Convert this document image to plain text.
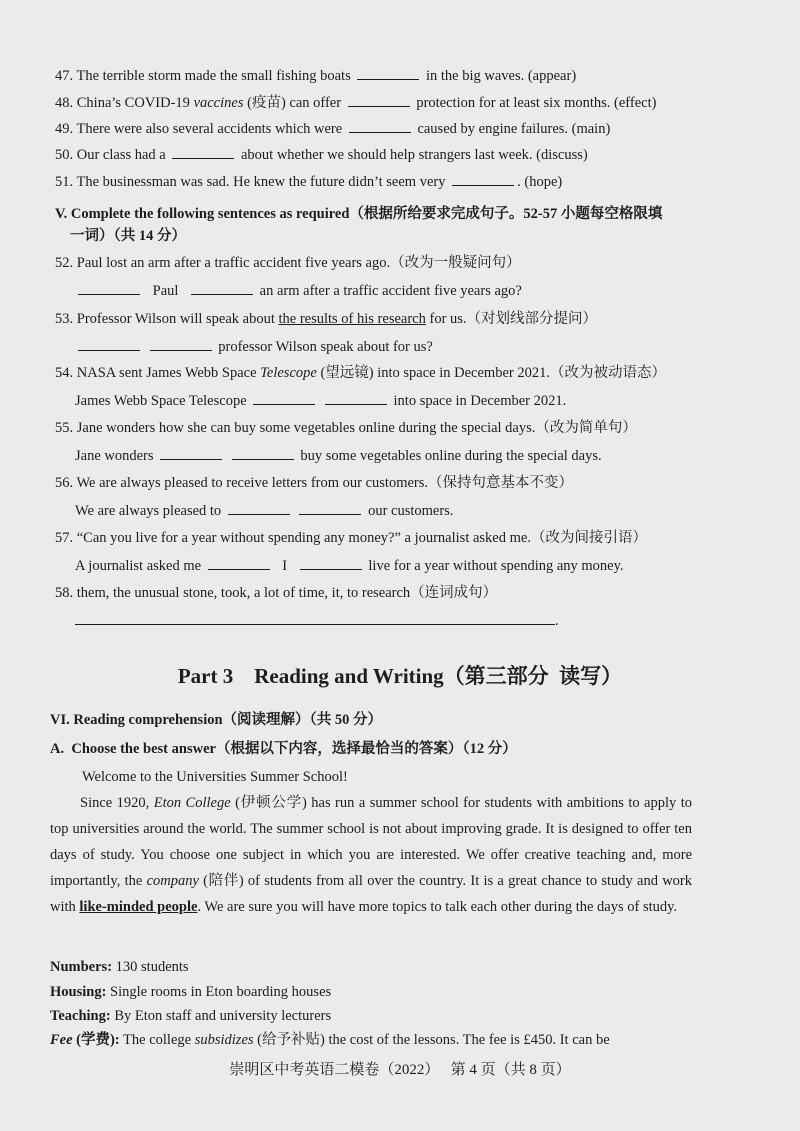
47. The terrible storm made the small fishing boats	in the big waves. (appear)
48. China’s COVID-19 vaccines (疫苗) can offer	protection for at least six months. (effect)
49. There were also several accidents which were	caused by engine failures. (main)
50. Our class had a	about whether we should help strangers last week. (discuss)
51. The businessman was sad. He knew the future didn’t seem very	. (hope)
V. Complete the following sentences as required（根据所给要求完成句子。52-57 小题每空格限填
一词）（共 14 分）
52. Paul lost an arm after a traffic accident five years ago.（改为一般疑问句）
Paul	an arm after a traffic accident five years ago?
53. Professor Wilson will speak about the results of his research for us.（对划线部分提问）
professor Wilson speak about for us?
54. NASA sent James Webb Space Telescope (望远镜) into space in December 2021.（改为被动语态）
James Webb Space Telescope	into space in December 2021.
55. Jane wonders how she can buy some vegetables online during the special days.（改为简单句）
Jane wonders	buy some vegetables online during the special days.
56. We are always pleased to receive letters from our customers.（保持句意基本不变）
We are always pleased to	our customers.
57. “Can you live for a year without spending any money?” a journalist asked me.（改为间接引语）
A journalist asked me	I	live for a year without spending any money.
58. them, the unusual stone, took, a lot of time, it, to research（连词成句）
.
Part 3    Reading and Writing（第三部分  读写）
VI. Reading comprehension（阅读理解）（共 50 分）
A.  Choose the best answer（根据以下内容，选择最恰当的答案）（12 分）
Welcome to the Universities Summer School!
Since 1920, Eton College (伊顿公学) has run a summer school for students with ambitions to apply to top universities around the world. The summer school is not about improving grade. It is designed to offer ten days of study. You choose one subject in which you are interested. We offer creative teaching and, more importantly, the company (陪伴) of students from all over the country. It is a great chance to study and work with like-minded people. We are sure you will have more topics to talk each other during the days of study.
Numbers: 130 students
Housing: Single rooms in Eton boarding houses
Teaching: By Eton staff and university lecturers
Fee (学费): The college subsidizes (给予补贴) the cost of the lessons. The fee is £450. It can be
崇明区中考英语二模卷（2022）   第 4 页（共 8 页）
